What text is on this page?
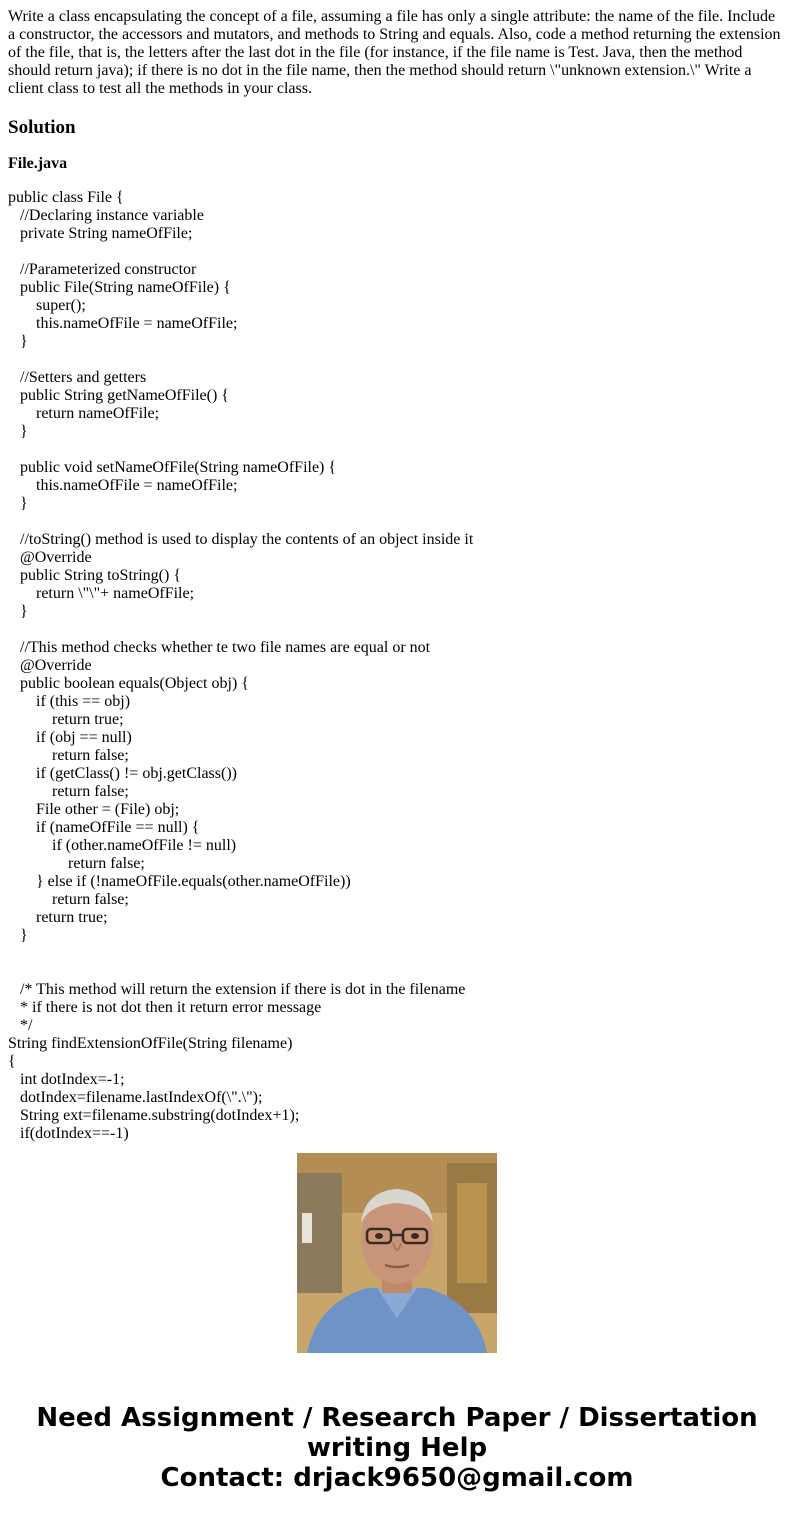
Write a class encapsulating the concept of a file, assuming a file has only a single attribute: the name of the file. Include a constructor, the accessors and mutators, and methods to String and equals. Also, code a method returning the extension of the file, that is, the letters after the last dot in the file (for instance, if the file name is Test. Java, then the method should return java); if there is no dot in the file name, then the method should return \"unknown extension.\" Write a client class to test all the methods in your class.

Solution
File.java
public class File {
//Declaring instance variable
private String nameOfFile;
//Parameterized constructor
public File(String nameOfFile) {
super();
this.nameOfFile = nameOfFile;
}
//Setters and getters
public String getNameOfFile() {
return nameOfFile;
}
public void setNameOfFile(String nameOfFile) {
this.nameOfFile = nameOfFile;
}
//toString() method is used to display the contents of an object inside it
@Override
public String toString() {
return \"\"+ nameOfFile;
}
//This method checks whether te two file names are equal or not
@Override
public boolean equals(Object obj) {
if (this == obj)
return true;
if (obj == null)
return false;
if (getClass() != obj.getClass())
return false;
File other = (File) obj;
if (nameOfFile == null) {
if (other.nameOfFile != null)
return false;
} else if (!nameOfFile.equals(other.nameOfFile))
return false;
return true;
}
/* This method will return the extension if there is dot in the filename
* if there is not dot then it return error message
*/
String findExtensionOfFile(String filename)
{
int dotIndex=-1;
dotIndex=filename.lastIndexOf(\".\");
String ext=filename.substring(dotIndex+1);
if(dotIndex==-1)
Need Assignment / Research Paper / Dissertation
writing Help
Contact: drjack9650@gmail.com
